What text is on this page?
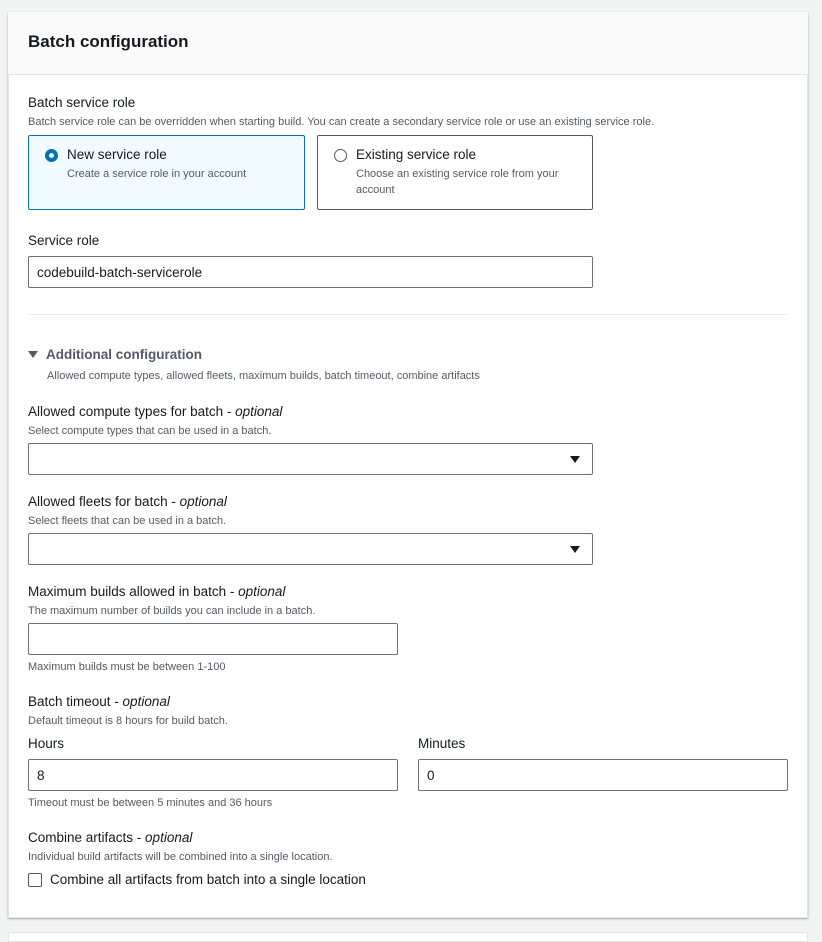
Batch configuration
Batch service role
Batch service role can be overridden when starting build. You can create a secondary service role or use an existing service role.
New service role
Create a service role in your account
Existing service role
Choose an existing service role from your account
Service role
codebuild-batch-servicerole
Additional configuration
Allowed compute types, allowed fleets, maximum builds, batch timeout, combine artifacts
Allowed compute types for batch - optional
Select compute types that can be used in a batch.
Allowed fleets for batch - optional
Select fleets that can be used in a batch.
Maximum builds allowed in batch - optional
The maximum number of builds you can include in a batch.
Maximum builds must be between 1-100
Batch timeout - optional
Default timeout is 8 hours for build batch.
Hours	Minutes
8	0
Timeout must be between 5 minutes and 36 hours
Combine artifacts - optional
Individual build artifacts will be combined into a single location.
Combine all artifacts from batch into a single location
